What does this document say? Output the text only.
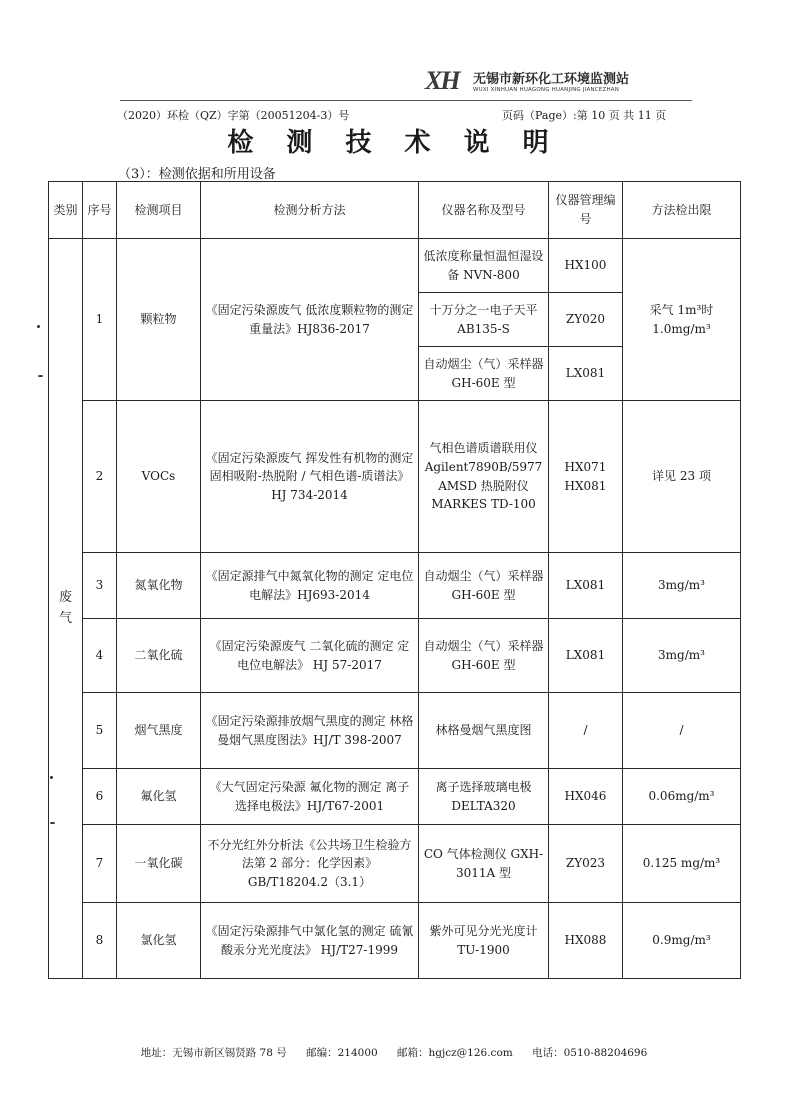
XH 无锡市新环化工环境监测站
WUXI XINHUAN HUAGONG HUANJING JIANCEZHAN
（2020）环检（QZ）字第（20051204-3）号	页码（Page）:第 10 页 共 11 页
检 测 技 术 说 明
（3）：检测依据和所用设备
类别	序号	检测项目	检测分析方法	仪器名称及型号	仪器管理编号	方法检出限
废气	1	颗粒物	《固定污染源废气 低浓度颗粒物的测定 重量法》HJ836-2017	低浓度称量恒温恒湿设备 NVN-800	HX100	采气 1m³时 1.0mg/m³
				十万分之一电子天平 AB135-S	ZY020	
				自动烟尘（气）采样器 GH-60E 型	LX081	
	2	VOCs	《固定污染源废气 挥发性有机物的测定 固相吸附-热脱附 / 气相色谱-质谱法》 HJ 734-2014	气相色谱质谱联用仪 Agilent7890B/5977 AMSD 热脱附仪 MARKES TD-100	HX071 HX081	详见 23 项
	3	氮氧化物	《固定源排气中氮氧化物的测定 定电位电解法》HJ693-2014	自动烟尘（气）采样器 GH-60E 型	LX081	3mg/m³
	4	二氧化硫	《固定污染源废气 二氧化硫的测定 定电位电解法》 HJ 57-2017	自动烟尘（气）采样器 GH-60E 型	LX081	3mg/m³
	5	烟气黑度	《固定污染源排放烟气黑度的测定 林格曼烟气黑度图法》HJ/T 398-2007	林格曼烟气黑度图	/	/
	6	氟化氢	《大气固定污染源 氟化物的测定 离子选择电极法》HJ/T67-2001	离子选择玻璃电极 DELTA320	HX046	0.06mg/m³
	7	一氧化碳	不分光红外分析法《公共场卫生检验方法第 2 部分：化学因素》 GB/T18204.2（3.1）	CO 气体检测仪 GXH-3011A 型	ZY023	0.125 mg/m³
	8	氯化氢	《固定污染源排气中氯化氢的测定 硫氰酸汞分光光度法》 HJ/T27-1999	紫外可见分光光度计 TU-1900	HX088	0.9mg/m³
地址：无锡市新区锡贤路 78 号 邮编：214000 邮箱：hgjcz@126.com 电话：0510-88204696
